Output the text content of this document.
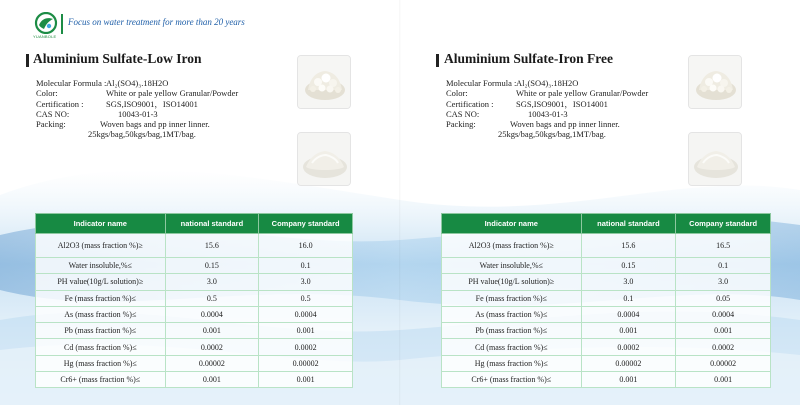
YUANBOLE
Focus on water treatment for more than 20 years
Aluminium Sulfate-Low Iron
Molecular Formula : Al₂(SO4)₃.18H2O
Color:	White or pale yellow Granular/Powder
Certification :	SGS,ISO9001，ISO14001
CAS NO:	10043-01-3
Packing:	Woven bags and pp inner linner.
25kgs/bag,50kgs/bag,1MT/bag.
Indicator name	national standard	Company standard
Al2O3 (mass fraction %)≥	15.6	16.0
Water insoluble,%≤	0.15	0.1
PH value(10g/L solution)≥	3.0	3.0
Fe (mass fraction %)≤	0.5	0.5
As (mass fraction %)≤	0.0004	0.0004
Pb (mass fraction %)≤	0.001	0.001
Cd (mass fraction %)≤	0.0002	0.0002
Hg (mass fraction %)≤	0.00002	0.00002
Cr6+ (mass fraction %)≤	0.001	0.001
Aluminium Sulfate-Iron Free
Molecular Formula : Al₂(SO4)₃.18H2O
Color:	White or pale yellow Granular/Powder
Certification :	SGS,ISO9001，ISO14001
CAS NO:	10043-01-3
Packing:	Woven bags and pp inner linner.
25kgs/bag,50kgs/bag,1MT/bag.
Indicator name	national standard	Company standard
Al2O3 (mass fraction %)≥	15.6	16.5
Water insoluble,%≤	0.15	0.1
PH value(10g/L solution)≥	3.0	3.0
Fe (mass fraction %)≤	0.1	0.05
As (mass fraction %)≤	0.0004	0.0004
Pb (mass fraction %)≤	0.001	0.001
Cd (mass fraction %)≤	0.0002	0.0002
Hg (mass fraction %)≤	0.00002	0.00002
Cr6+ (mass fraction %)≤	0.001	0.001
